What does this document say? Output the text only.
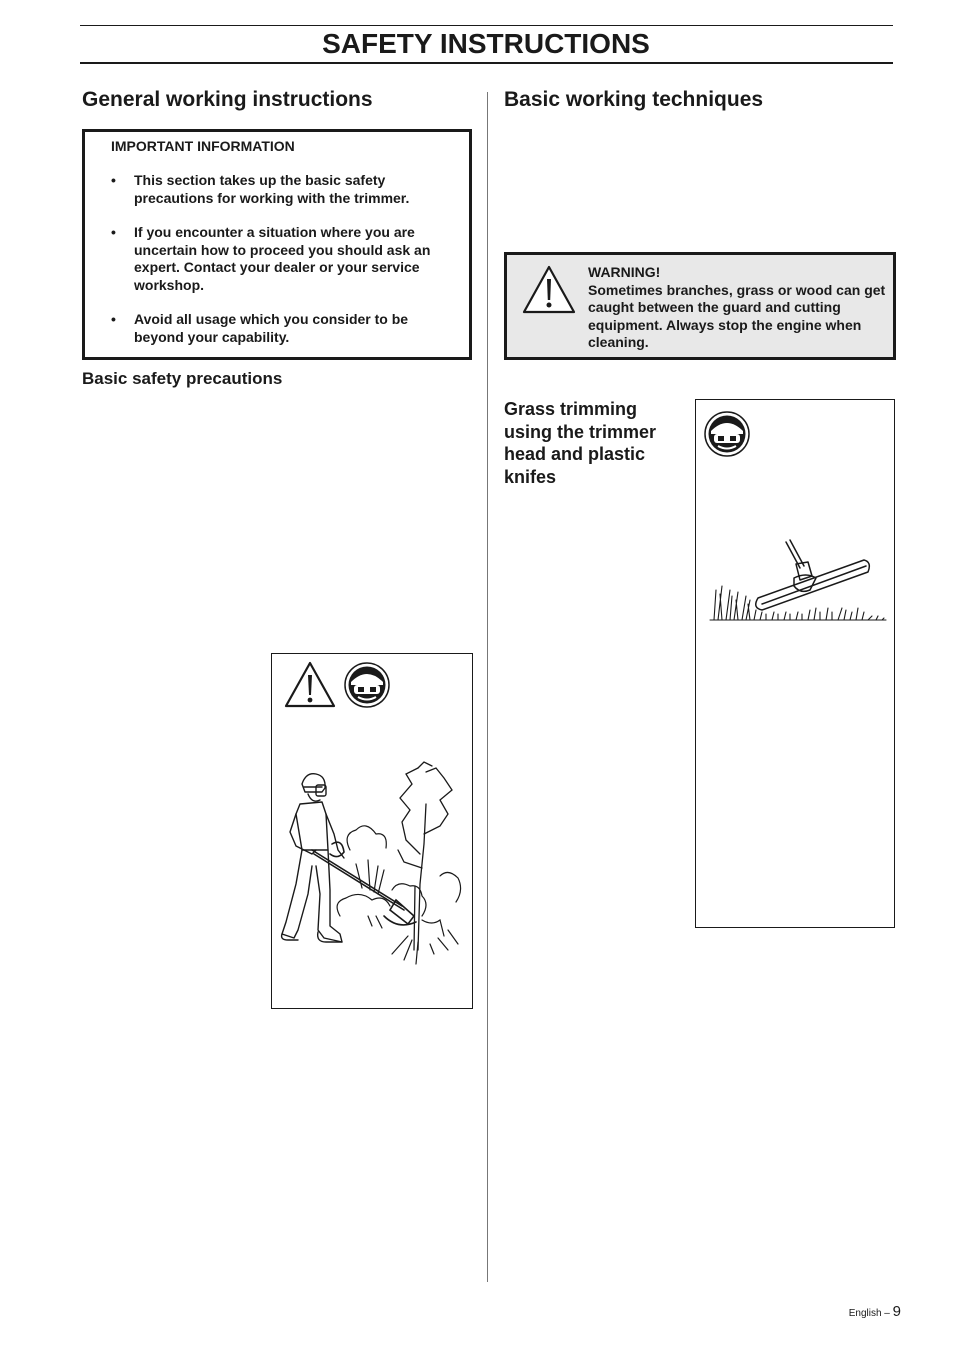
SAFETY INSTRUCTIONS
General working instructions
IMPORTANT INFORMATION
• This section takes up the basic safety precautions for working with the trimmer.
• If you encounter a situation where you are uncertain how to proceed you should ask an expert. Contact your dealer or your service workshop.
• Avoid all usage which you consider to be beyond your capability.
Basic safety precautions
Basic working techniques
WARNING!
Sometimes branches, grass or wood can get caught between the guard and cutting equipment. Always stop the engine when cleaning.
Grass trimming using the trimmer head and plastic knifes
English – 9
